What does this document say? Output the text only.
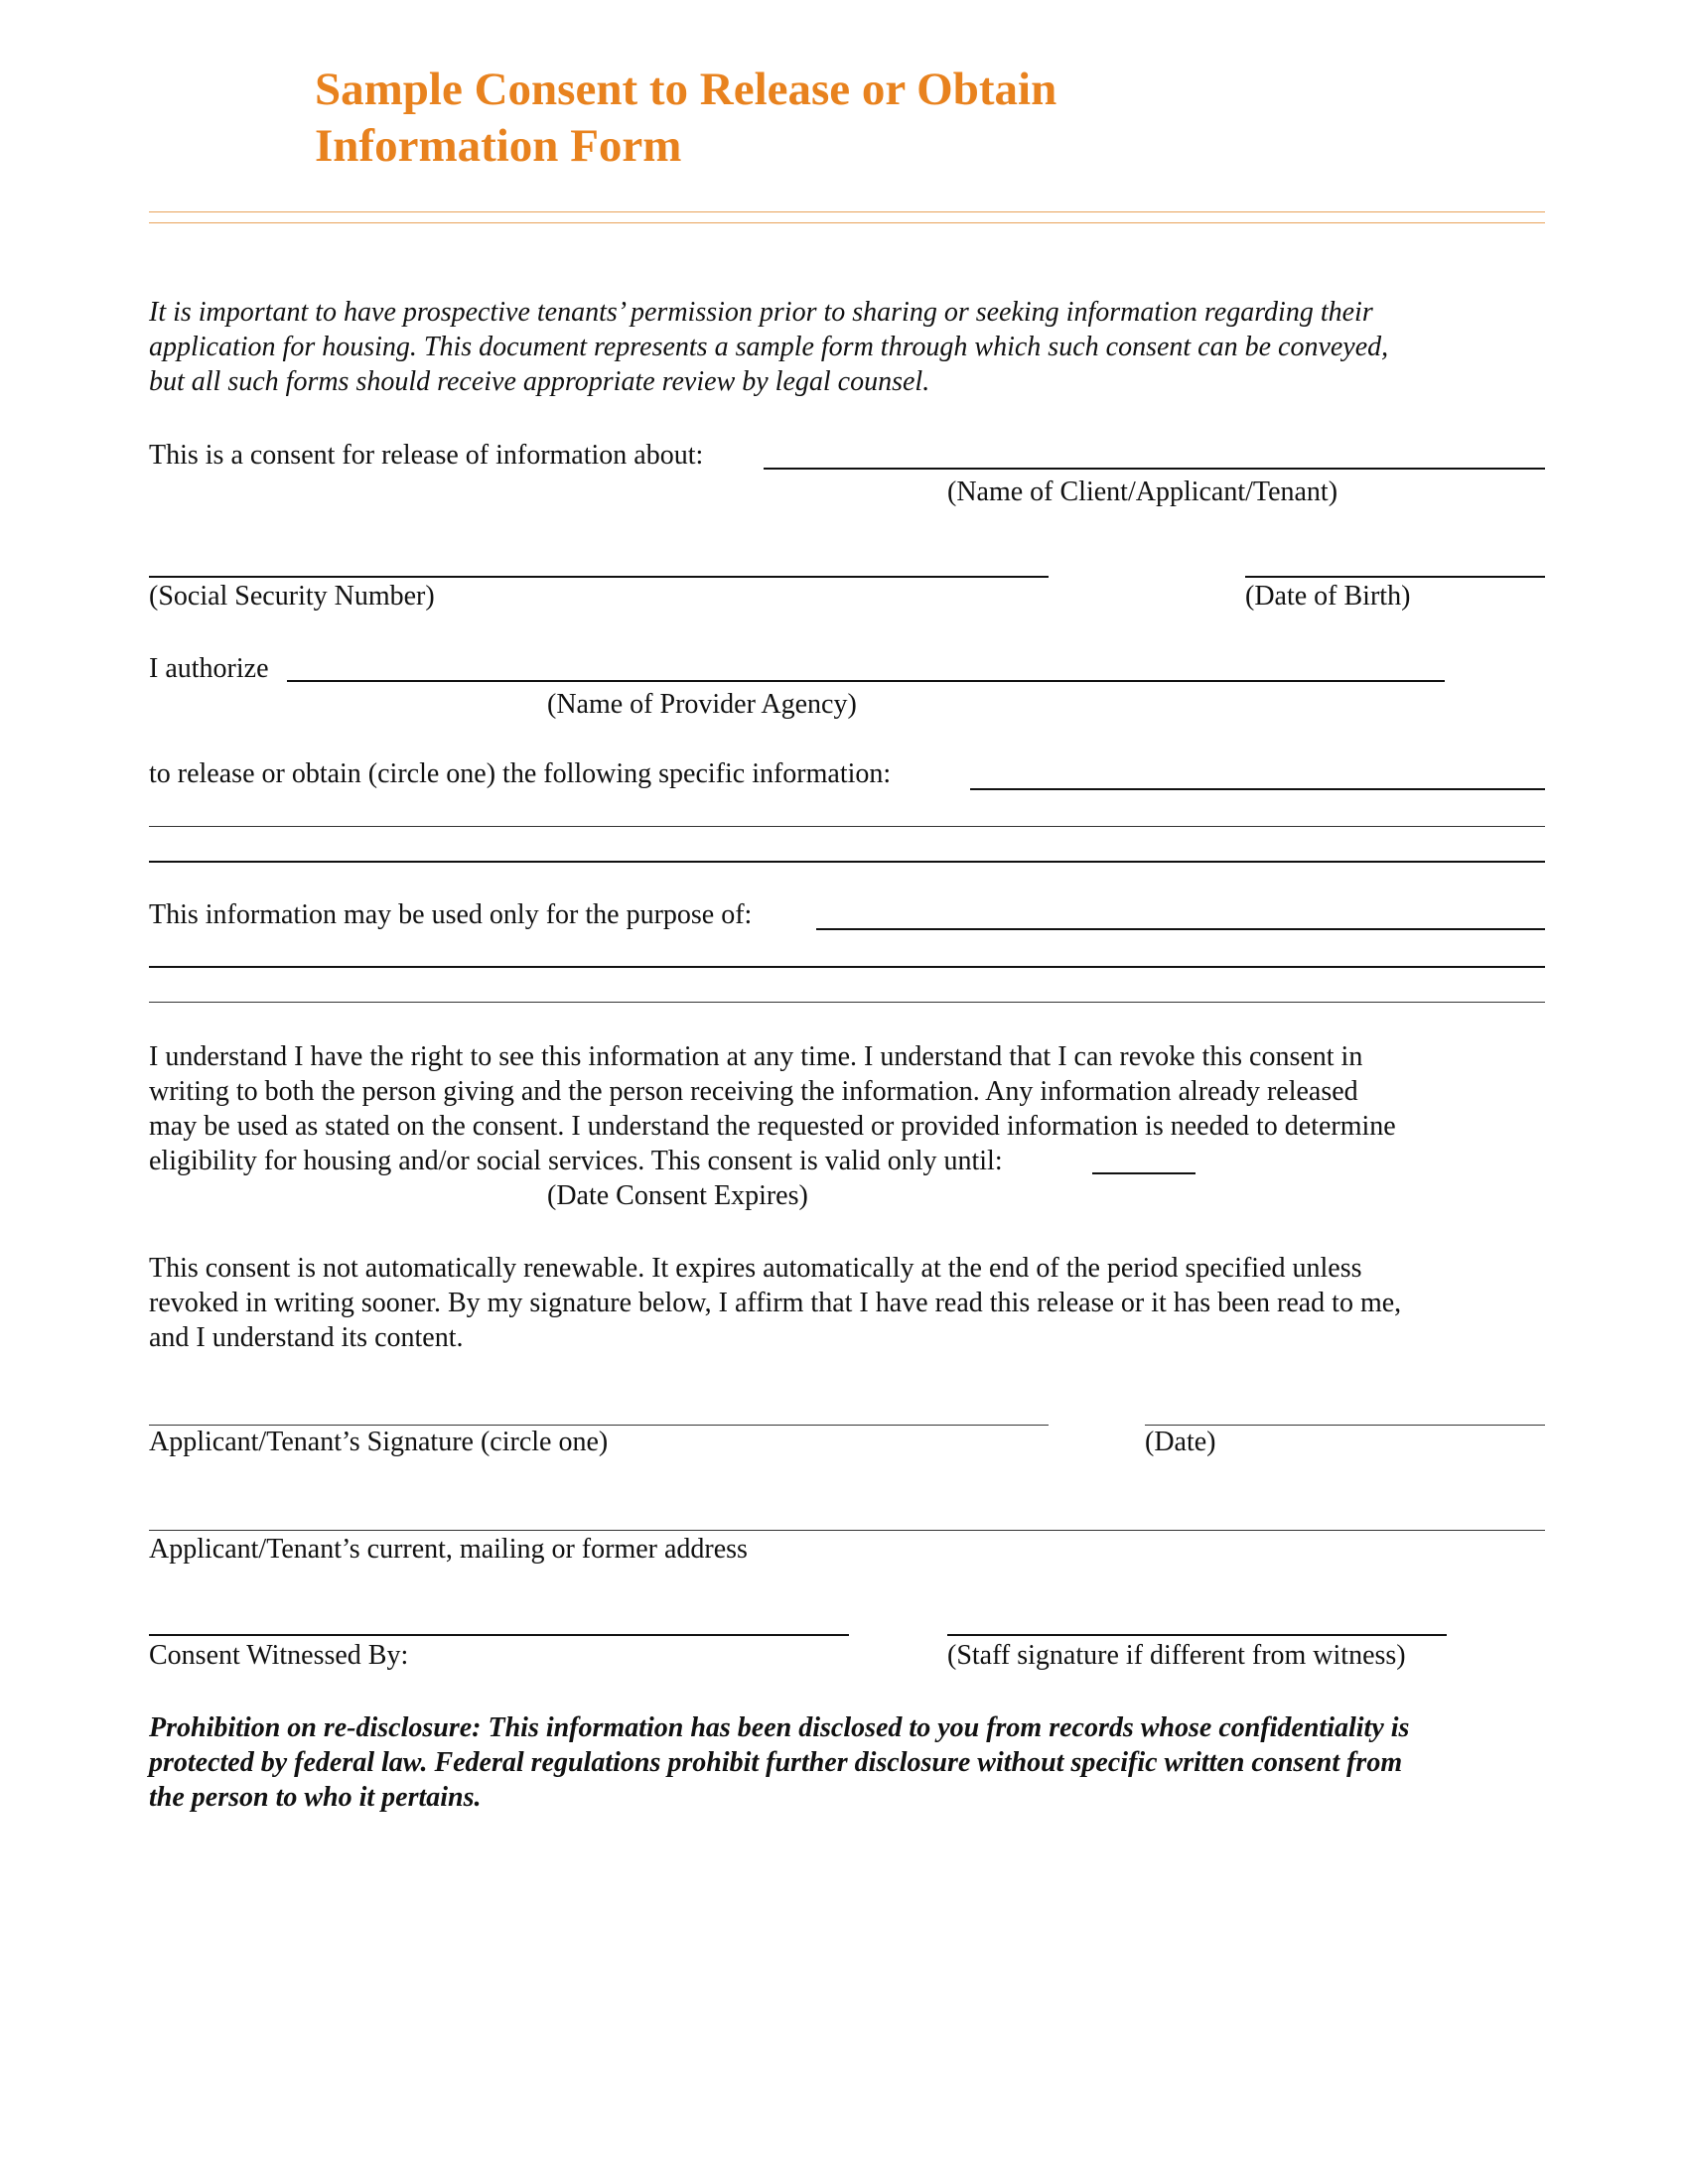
Sample Consent to Release or Obtain
Information Form
It is important to have prospective tenants’ permission prior to sharing or seeking information regarding their
application for housing. This document represents a sample form through which such consent can be conveyed,
but all such forms should receive appropriate review by legal counsel.
This is a consent for release of information about:
(Name of Client/Applicant/Tenant)
(Social Security Number)	(Date of Birth)
I authorize
(Name of Provider Agency)
to release or obtain (circle one) the following specific information:
This information may be used only for the purpose of:
I understand I have the right to see this information at any time. I understand that I can revoke this consent in
writing to both the person giving and the person receiving the information. Any information already released
may be used as stated on the consent. I understand the requested or provided information is needed to determine
eligibility for housing and/or social services. This consent is valid only until:
(Date Consent Expires)
This consent is not automatically renewable. It expires automatically at the end of the period specified unless
revoked in writing sooner. By my signature below, I affirm that I have read this release or it has been read to me,
and I understand its content.
Applicant/Tenant’s Signature (circle one)	(Date)
Applicant/Tenant’s current, mailing or former address
Consent Witnessed By:	(Staff signature if different from witness)
Prohibition on re-disclosure: This information has been disclosed to you from records whose confidentiality is
protected by federal law. Federal regulations prohibit further disclosure without specific written consent from
the person to who it pertains.
